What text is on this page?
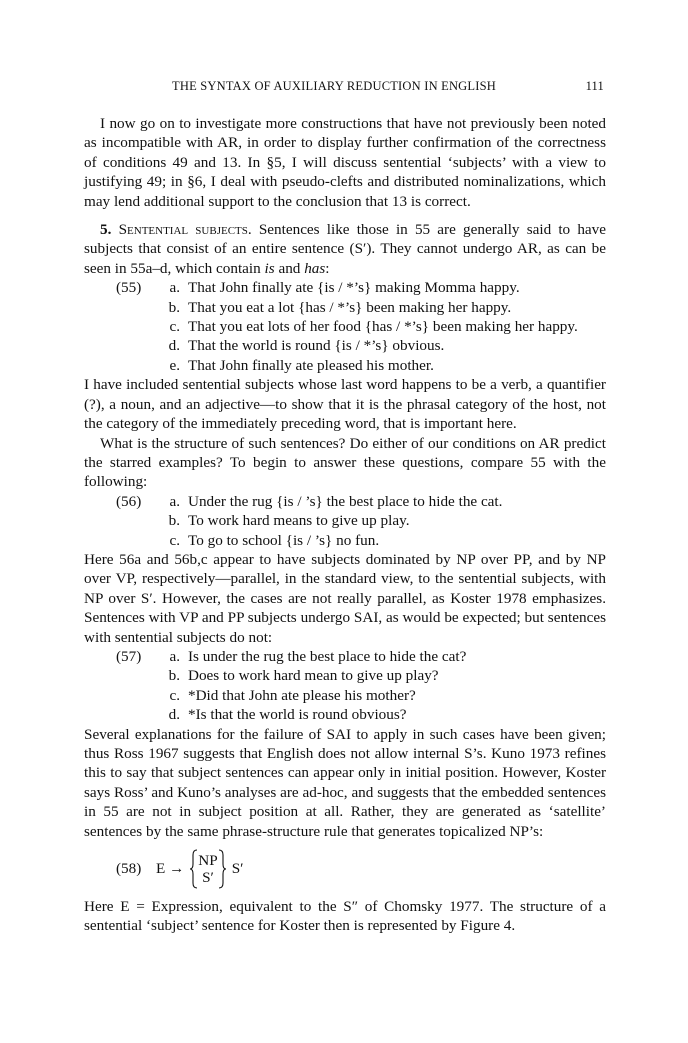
THE SYNTAX OF AUXILIARY REDUCTION IN ENGLISH	111

I now go on to investigate more constructions that have not previously been noted as incompatible with AR, in order to display further confirmation of the correctness of conditions 49 and 13. In §5, I will discuss sentential ‘subjects’ with a view to justifying 49; in §6, I deal with pseudo-clefts and distributed nominalizations, which may lend additional support to the conclusion that 13 is correct.

5. Sentential subjects. Sentences like those in 55 are generally said to have subjects that consist of an entire sentence (S′). They cannot undergo AR, as can be seen in 55a–d, which contain is and has:

(55)	a. That John finally ate {is / *’s} making Momma happy.
b. That you eat a lot {has / *’s} been making her happy.
c. That you eat lots of her food {has / *’s} been making her happy.
d. That the world is round {is / *’s} obvious.
e. That John finally ate pleased his mother.

I have included sentential subjects whose last word happens to be a verb, a quantifier (?), a noun, and an adjective—to show that it is the phrasal category of the host, not the category of the immediately preceding word, that is important here.

What is the structure of such sentences? Do either of our conditions on AR predict the starred examples? To begin to answer these questions, compare 55 with the following:

(56)	a. Under the rug {is / ’s} the best place to hide the cat.
b. To work hard means to give up play.
c. To go to school {is / ’s} no fun.

Here 56a and 56b,c appear to have subjects dominated by NP over PP, and by NP over VP, respectively—parallel, in the standard view, to the sentential subjects, with NP over S′. However, the cases are not really parallel, as Koster 1978 emphasizes. Sentences with VP and PP subjects undergo SAI, as would be expected; but sentences with sentential subjects do not:

(57)	a. Is under the rug the best place to hide the cat?
b. Does to work hard mean to give up play?
c. *Did that John ate please his mother?
d. *Is that the world is round obvious?

Several explanations for the failure of SAI to apply in such cases have been given; thus Ross 1967 suggests that English does not allow internal S’s. Kuno 1973 refines this to say that subject sentences can appear only in initial position. However, Koster says Ross’ and Kuno’s analyses are ad-hoc, and suggests that the embedded sentences in 55 are not in subject position at all. Rather, they are generated as ‘satellite’ sentences by the same phrase-structure rule that generates topicalized NP’s:

(58) E → NP
S′
S′

Here E = Expression, equivalent to the S″ of Chomsky 1977. The structure of a sentential ‘subject’ sentence for Koster then is represented by Figure 4.
